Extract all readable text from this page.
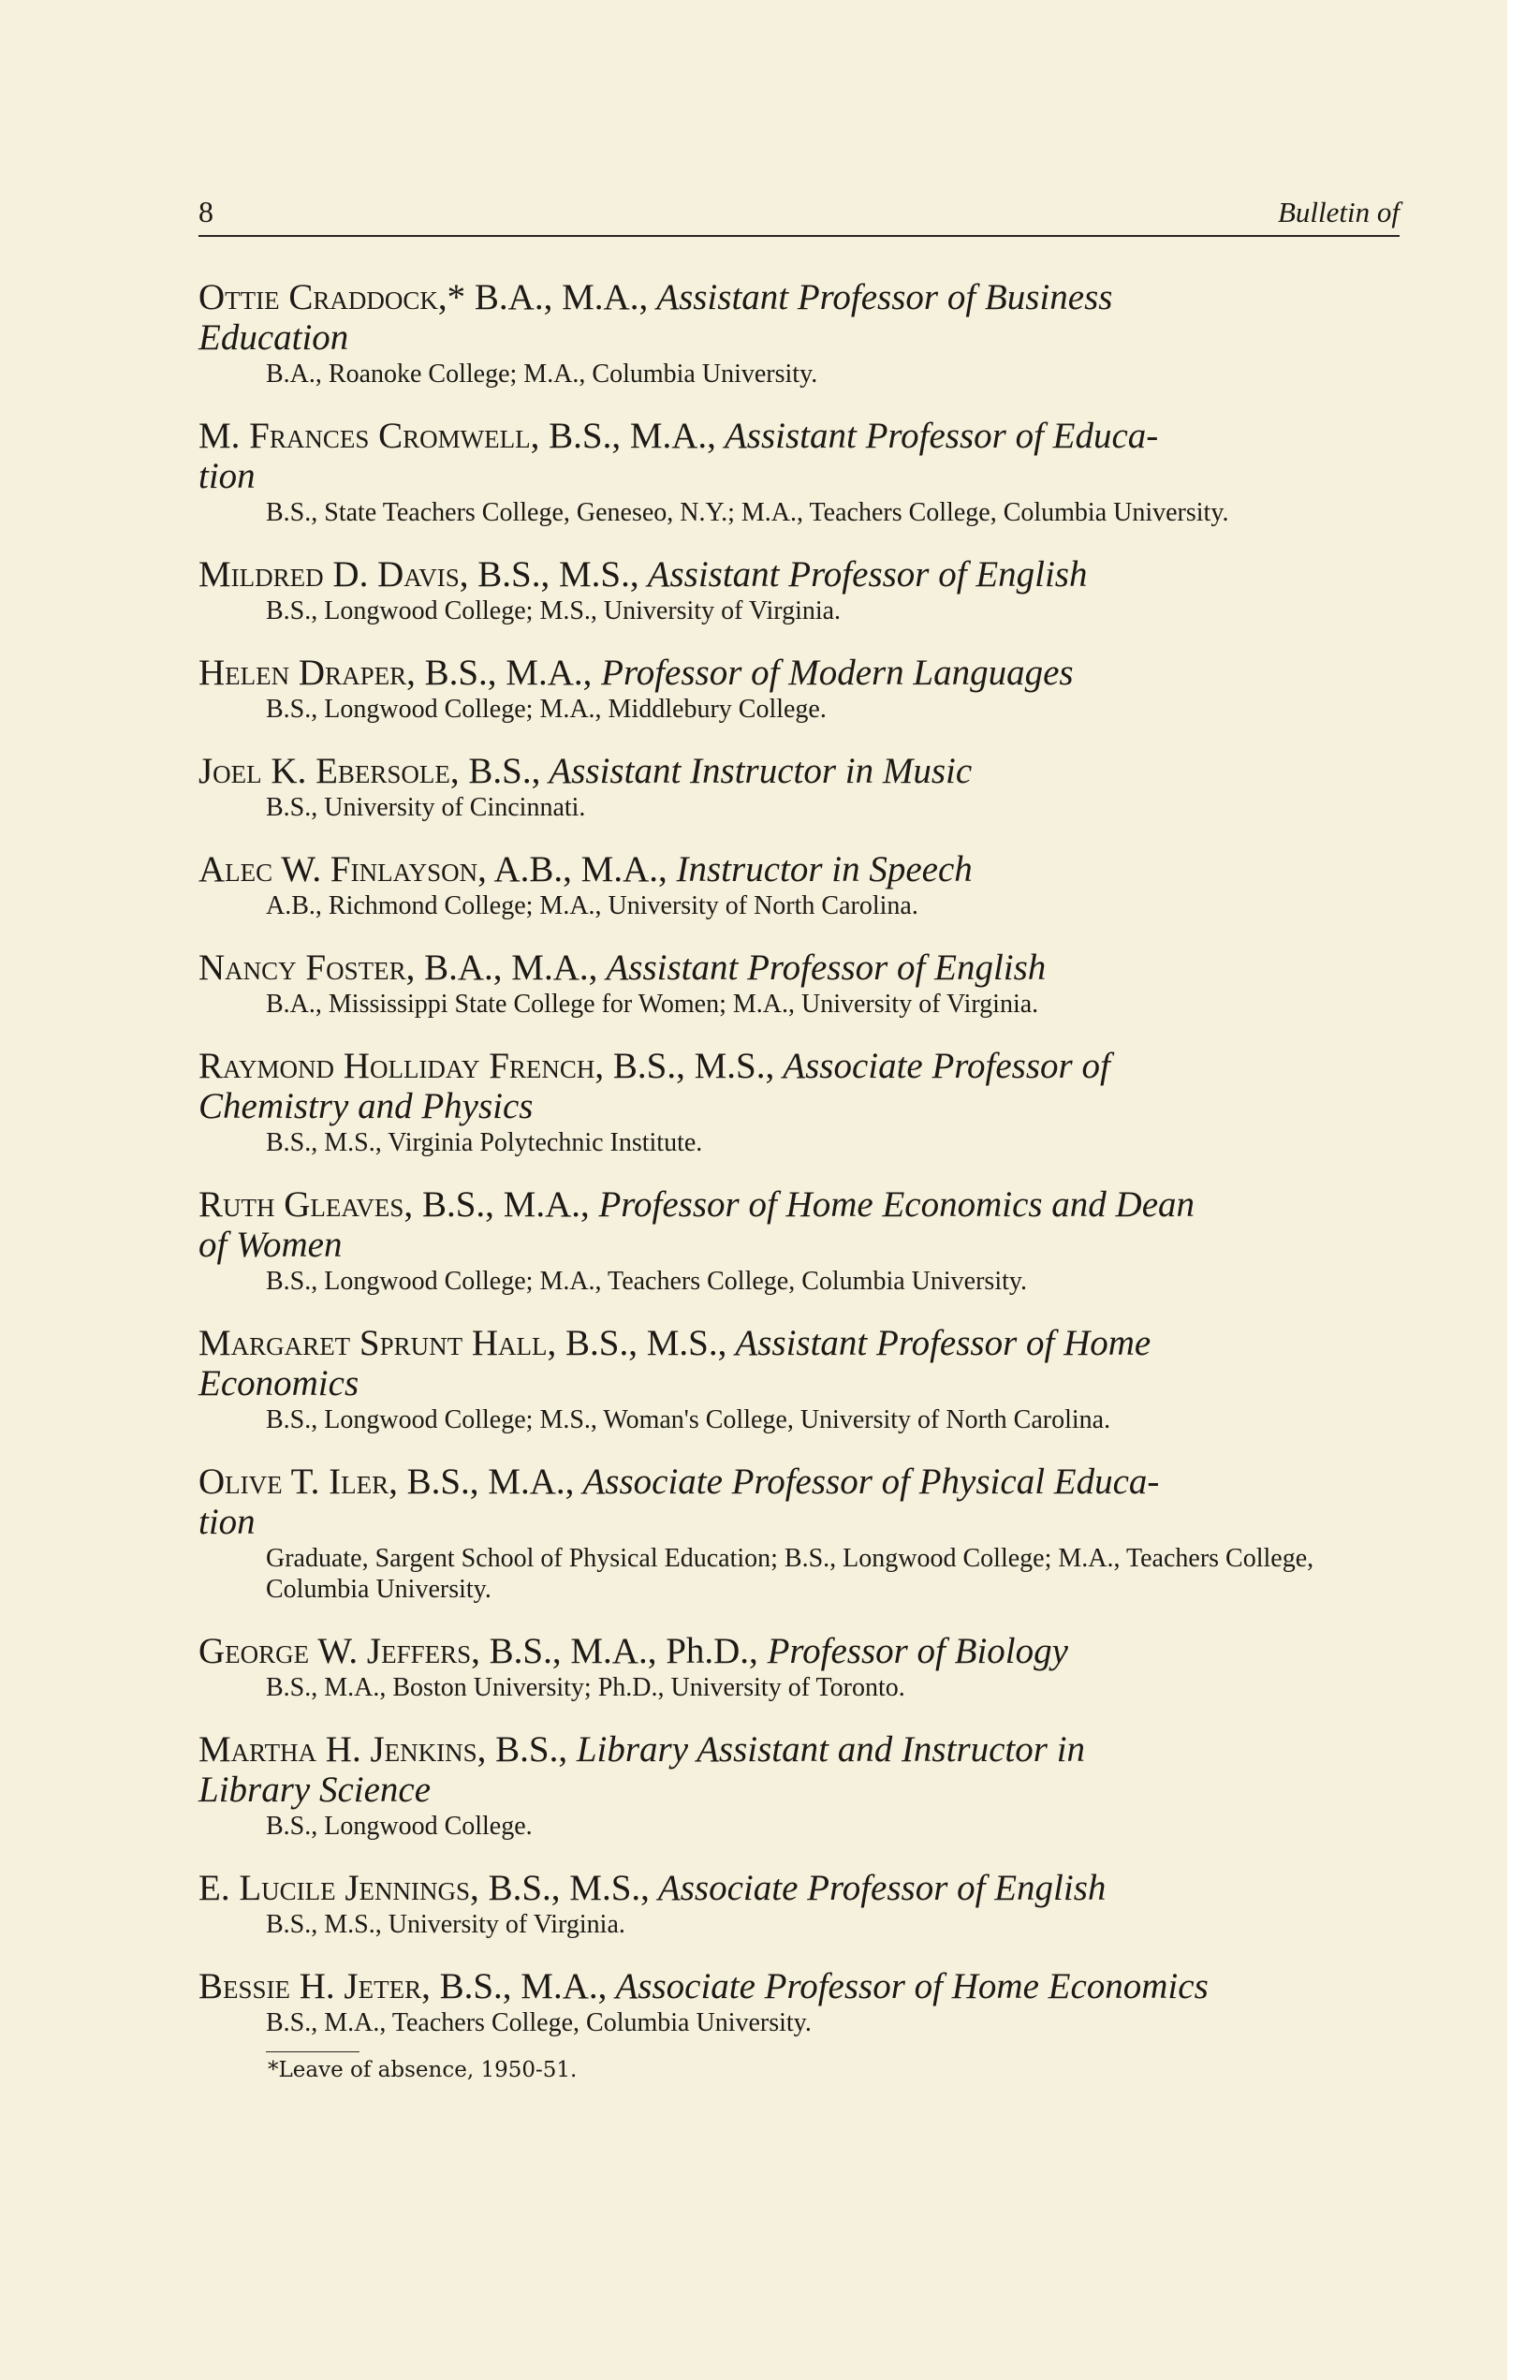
8	Bulletin of
Ottie Craddock,* B.A., M.A., Assistant Professor of Business
Education
B.A., Roanoke College; M.A., Columbia University.
M. Frances Cromwell, B.S., M.A., Assistant Professor of Educa-
tion
B.S., State Teachers College, Geneseo, N.Y.; M.A., Teachers College, Columbia University.
Mildred D. Davis, B.S., M.S., Assistant Professor of English
B.S., Longwood College; M.S., University of Virginia.
Helen Draper, B.S., M.A., Professor of Modern Languages
B.S., Longwood College; M.A., Middlebury College.
Joel K. Ebersole, B.S., Assistant Instructor in Music
B.S., University of Cincinnati.
Alec W. Finlayson, A.B., M.A., Instructor in Speech
A.B., Richmond College; M.A., University of North Carolina.
Nancy Foster, B.A., M.A., Assistant Professor of English
B.A., Mississippi State College for Women; M.A., University of Virginia.
Raymond Holliday French, B.S., M.S., Associate Professor of
Chemistry and Physics
B.S., M.S., Virginia Polytechnic Institute.
Ruth Gleaves, B.S., M.A., Professor of Home Economics and Dean
of Women
B.S., Longwood College; M.A., Teachers College, Columbia University.
Margaret Sprunt Hall, B.S., M.S., Assistant Professor of Home
Economics
B.S., Longwood College; M.S., Woman's College, University of North Carolina.
Olive T. Iler, B.S., M.A., Associate Professor of Physical Educa-
tion
Graduate, Sargent School of Physical Education; B.S., Longwood College; M.A., Teachers College, Columbia University.
George W. Jeffers, B.S., M.A., Ph.D., Professor of Biology
B.S., M.A., Boston University; Ph.D., University of Toronto.
Martha H. Jenkins, B.S., Library Assistant and Instructor in
Library Science
B.S., Longwood College.
E. Lucile Jennings, B.S., M.S., Associate Professor of English
B.S., M.S., University of Virginia.
Bessie H. Jeter, B.S., M.A., Associate Professor of Home Economics
B.S., M.A., Teachers College, Columbia University.
*Leave of absence, 1950-51.
